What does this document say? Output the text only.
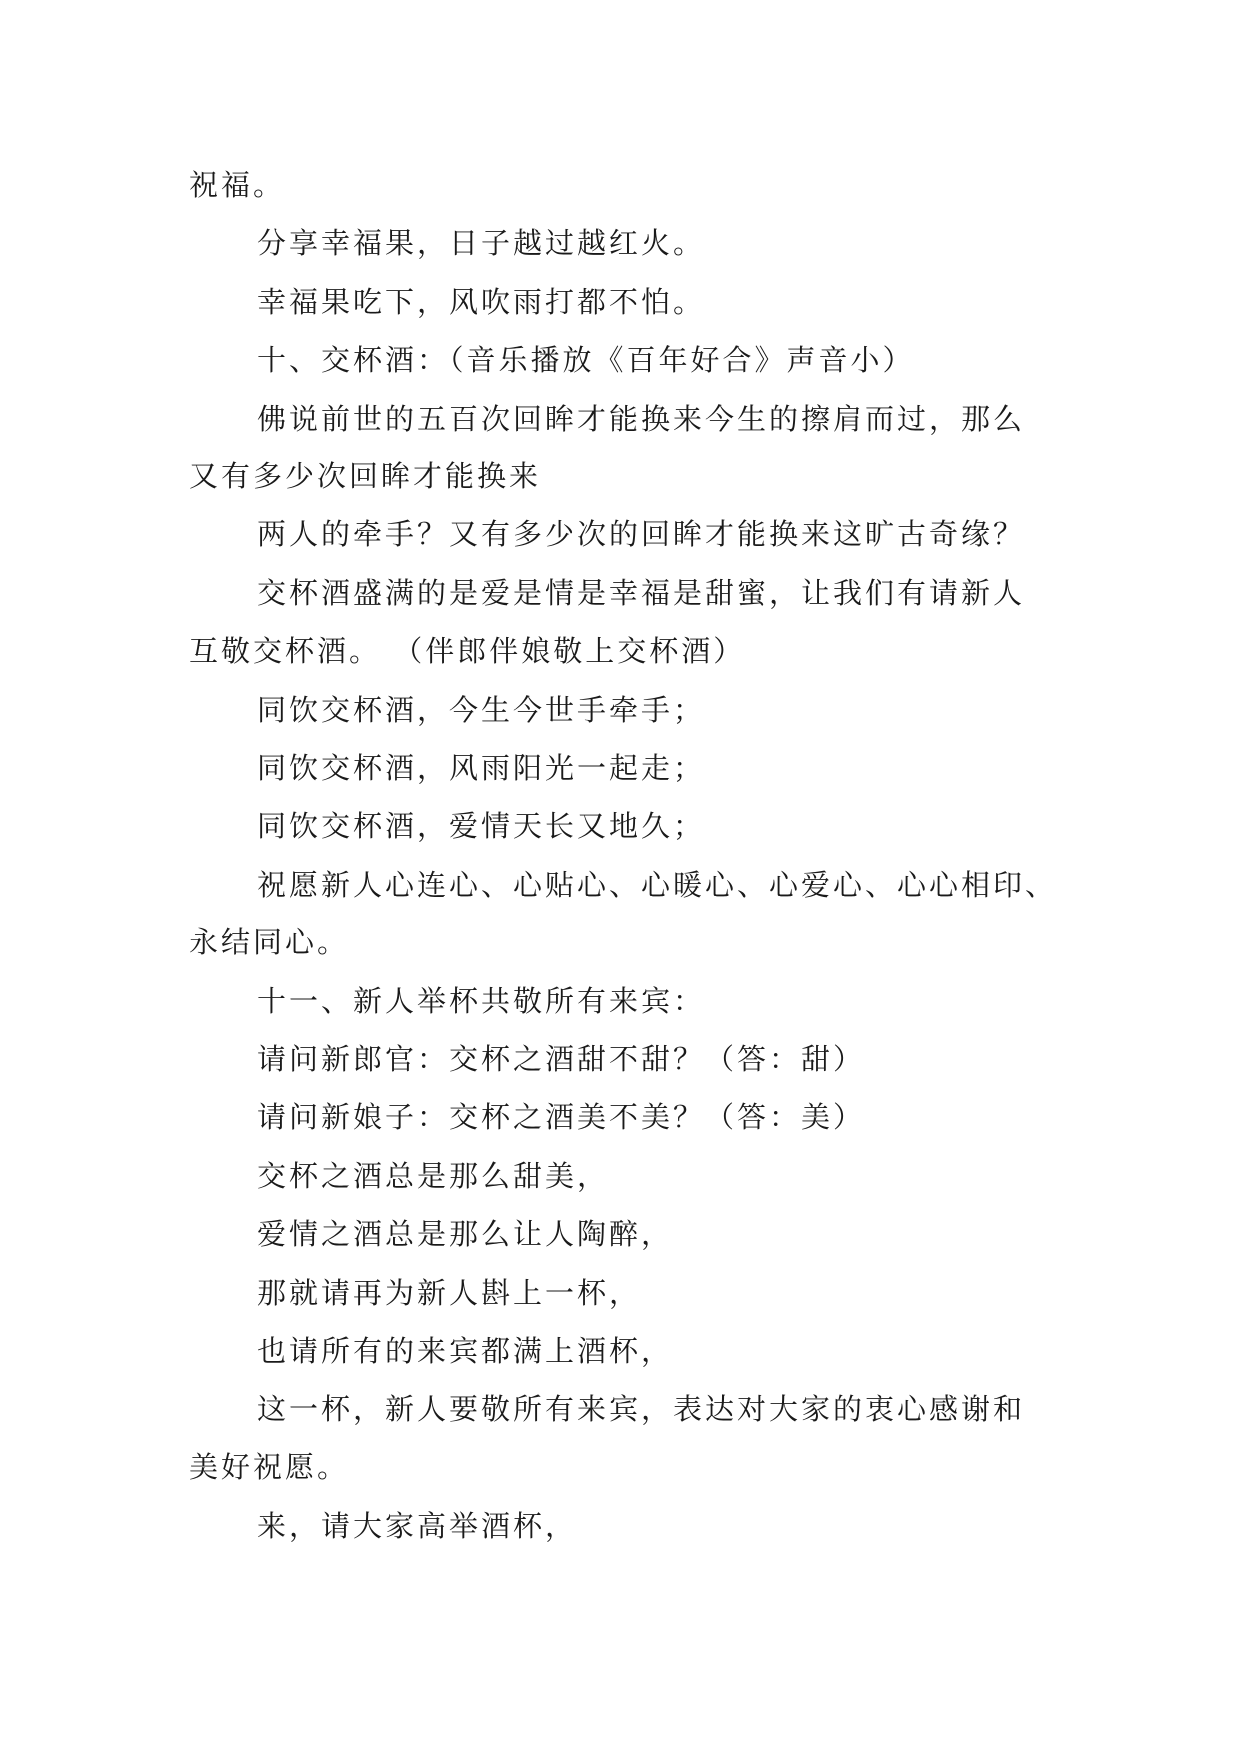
祝福。
分享幸福果，日子越过越红火。
幸福果吃下，风吹雨打都不怕。
十、交杯酒：（音乐播放《百年好合》声音小）
佛说前世的五百次回眸才能换来今生的擦肩而过，那么
又有多少次回眸才能换来
两人的牵手？又有多少次的回眸才能换来这旷古奇缘？
交杯酒盛满的是爱是情是幸福是甜蜜，让我们有请新人
互敬交杯酒。 （伴郎伴娘敬上交杯酒）
同饮交杯酒，今生今世手牵手；
同饮交杯酒，风雨阳光一起走；
同饮交杯酒，爱情天长又地久；
祝愿新人心连心、心贴心、心暖心、心爱心、心心相印、
永结同心。
十一、新人举杯共敬所有来宾：
请问新郎官：交杯之酒甜不甜？（答：甜）
请问新娘子：交杯之酒美不美？（答：美）
交杯之酒总是那么甜美，
爱情之酒总是那么让人陶醉，
那就请再为新人斟上一杯，
也请所有的来宾都满上酒杯，
这一杯，新人要敬所有来宾，表达对大家的衷心感谢和
美好祝愿。
来，请大家高举酒杯，
